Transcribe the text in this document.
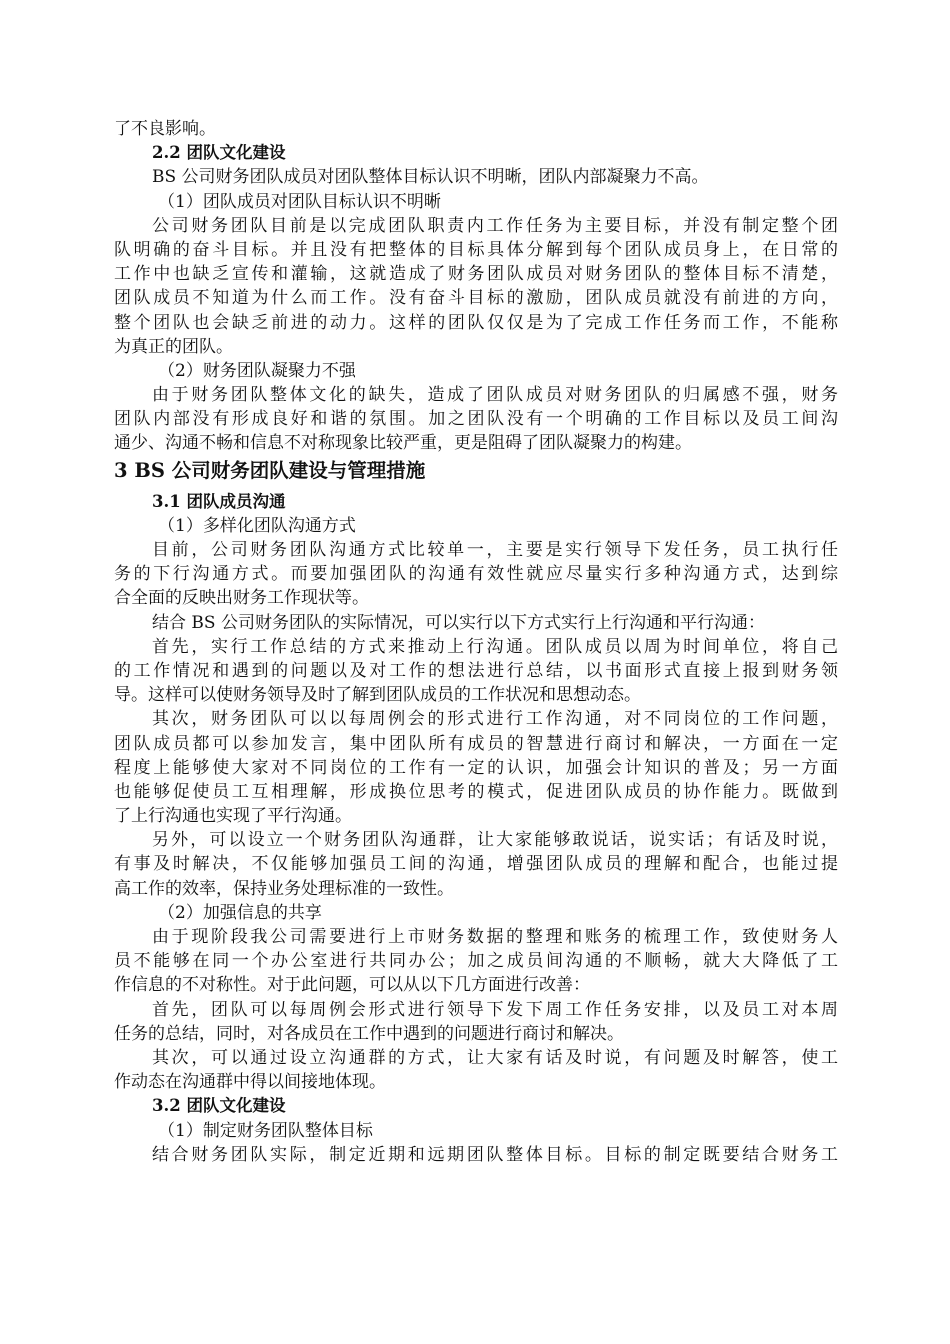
了不良影响。
2.2 团队文化建设
BS 公司财务团队成员对团队整体目标认识不明晰，团队内部凝聚力不高。
（1）团队成员对团队目标认识不明晰
公司财务团队目前是以完成团队职责内工作任务为主要目标，并没有制定整个团
队明确的奋斗目标。并且没有把整体的目标具体分解到每个团队成员身上，在日常的
工作中也缺乏宣传和灌输，这就造成了财务团队成员对财务团队的整体目标不清楚，
团队成员不知道为什么而工作。没有奋斗目标的激励，团队成员就没有前进的方向，
整个团队也会缺乏前进的动力。这样的团队仅仅是为了完成工作任务而工作，不能称
为真正的团队。
（2）财务团队凝聚力不强
由于财务团队整体文化的缺失，造成了团队成员对财务团队的归属感不强，财务
团队内部没有形成良好和谐的氛围。加之团队没有一个明确的工作目标以及员工间沟
通少、沟通不畅和信息不对称现象比较严重，更是阻碍了团队凝聚力的构建。
3 BS 公司财务团队建设与管理措施
3.1 团队成员沟通
（1）多样化团队沟通方式
目前，公司财务团队沟通方式比较单一，主要是实行领导下发任务，员工执行任
务的下行沟通方式。而要加强团队的沟通有效性就应尽量实行多种沟通方式，达到综
合全面的反映出财务工作现状等。
结合 BS 公司财务团队的实际情况，可以实行以下方式实行上行沟通和平行沟通：
首先，实行工作总结的方式来推动上行沟通。团队成员以周为时间单位，将自己
的工作情况和遇到的问题以及对工作的想法进行总结，以书面形式直接上报到财务领
导。这样可以使财务领导及时了解到团队成员的工作状况和思想动态。
其次，财务团队可以以每周例会的形式进行工作沟通，对不同岗位的工作问题，
团队成员都可以参加发言，集中团队所有成员的智慧进行商讨和解决，一方面在一定
程度上能够使大家对不同岗位的工作有一定的认识，加强会计知识的普及；另一方面
也能够促使员工互相理解，形成换位思考的模式，促进团队成员的协作能力。既做到
了上行沟通也实现了平行沟通。
另外，可以设立一个财务团队沟通群，让大家能够敢说话，说实话；有话及时说，
有事及时解决，不仅能够加强员工间的沟通，增强团队成员的理解和配合，也能过提
高工作的效率，保持业务处理标准的一致性。
（2）加强信息的共享
由于现阶段我公司需要进行上市财务数据的整理和账务的梳理工作，致使财务人
员不能够在同一个办公室进行共同办公；加之成员间沟通的不顺畅，就大大降低了工
作信息的不对称性。对于此问题，可以从以下几方面进行改善：
首先，团队可以每周例会形式进行领导下发下周工作任务安排，以及员工对本周
任务的总结，同时，对各成员在工作中遇到的问题进行商讨和解决。
其次，可以通过设立沟通群的方式，让大家有话及时说，有问题及时解答，使工
作动态在沟通群中得以间接地体现。
3.2 团队文化建设
（1）制定财务团队整体目标
结合财务团队实际，制定近期和远期团队整体目标。目标的制定既要结合财务工
